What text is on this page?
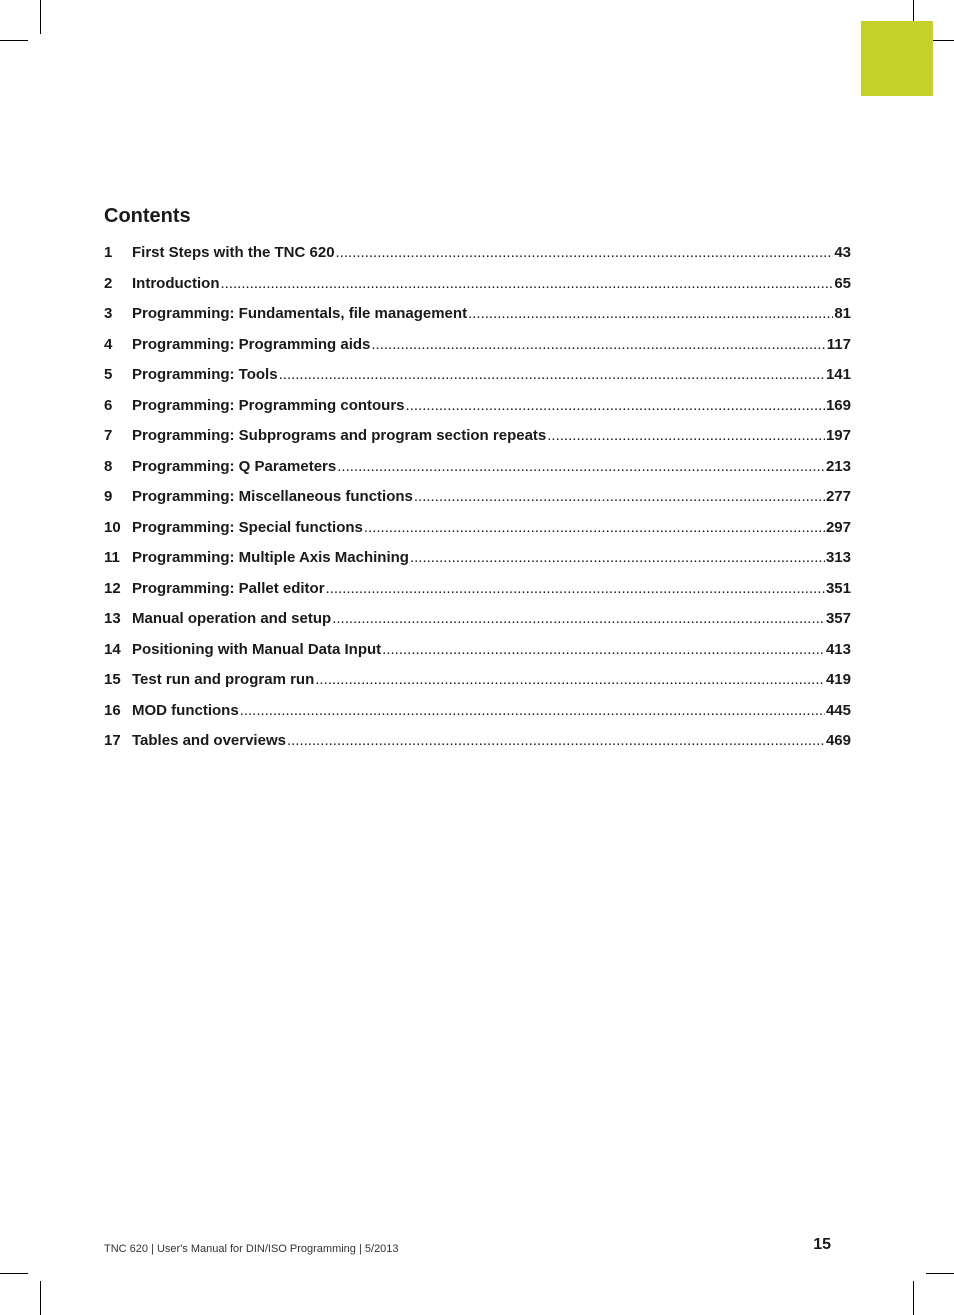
Contents
1	First Steps with the TNC 620 .....	43
2	Introduction .....	65
3	Programming: Fundamentals, file management .....	81
4	Programming: Programming aids .....	117
5	Programming: Tools .....	141
6	Programming: Programming contours .....	169
7	Programming: Subprograms and program section repeats .....	197
8	Programming: Q Parameters .....	213
9	Programming: Miscellaneous functions .....	277
10 Programming: Special functions .....	297
11 Programming: Multiple Axis Machining .....	313
12 Programming: Pallet editor .....	351
13 Manual operation and setup .....	357
14 Positioning with Manual Data Input .....	413
15 Test run and program run .....	419
16 MOD functions .....	445
17 Tables and overviews .....	469
TNC 620 | User's Manual for DIN/ISO Programming | 5/2013	15
